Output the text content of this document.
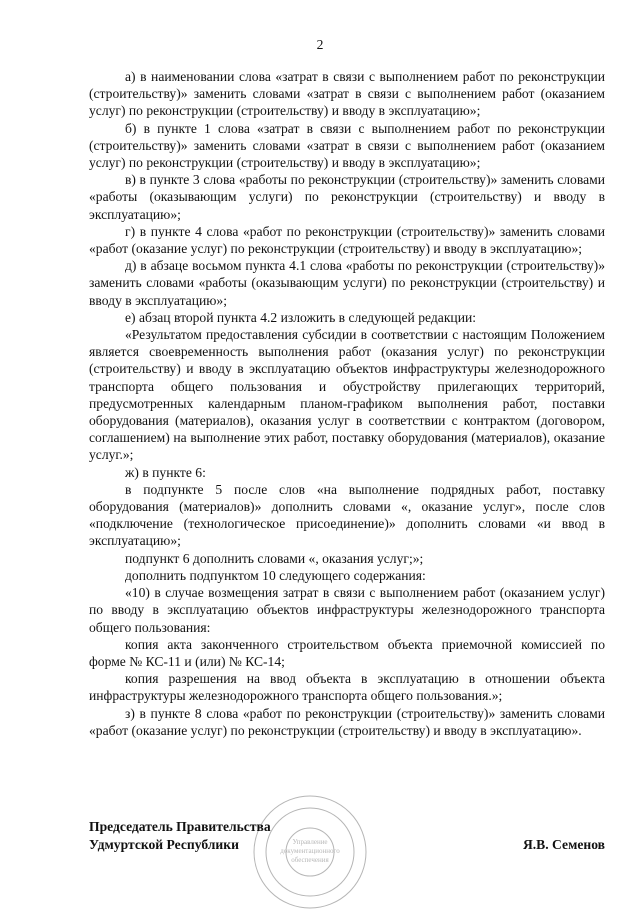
2

а) в наименовании слова «затрат в связи с выполнением работ по реконструкции (строительству)» заменить словами «затрат в связи с выполнением работ (оказанием услуг) по реконструкции (строительству) и вводу в эксплуатацию»;

б) в пункте 1 слова «затрат в связи с выполнением работ по реконструкции (строительству)» заменить словами «затрат в связи с выполнением работ (оказанием услуг) по реконструкции (строительству) и вводу в эксплуатацию»;

в) в пункте 3 слова «работы по реконструкции (строительству)» заменить словами «работы (оказывающим услуги) по реконструкции (строительству) и вводу в эксплуатацию»;

г) в пункте 4 слова «работ по реконструкции (строительству)» заменить словами «работ (оказание услуг) по реконструкции (строительству) и вводу в эксплуатацию»;

д) в абзаце восьмом пункта 4.1 слова «работы по реконструкции (строительству)» заменить словами «работы (оказывающим услуги) по реконструкции (строительству) и вводу в эксплуатацию»;

е) абзац второй пункта 4.2 изложить в следующей редакции:

«Результатом предоставления субсидии в соответствии с настоящим Положением является своевременность выполнения работ (оказания услуг) по реконструкции (строительству) и вводу в эксплуатацию объектов инфраструктуры железнодорожного транспорта общего пользования и обустройству прилегающих территорий, предусмотренных календарным планом-графиком выполнения работ, поставки оборудования (материалов), оказания услуг в соответствии с контрактом (договором, соглашением) на выполнение этих работ, поставку оборудования (материалов), оказание услуг.»;

ж) в пункте 6:

в подпункте 5 после слов «на выполнение подрядных работ, поставку оборудования (материалов)» дополнить словами «, оказание услуг», после слов «подключение (технологическое присоединение)» дополнить словами «и ввод в эксплуатацию»;

подпункт 6 дополнить словами «, оказания услуг;»;

дополнить подпунктом 10 следующего содержания:

«10) в случае возмещения затрат в связи с выполнением работ (оказанием услуг) по вводу в эксплуатацию объектов инфраструктуры железнодорожного транспорта общего пользования:

копия акта законченного строительством объекта приемочной комиссией по форме № КС-11 и (или) № КС-14;

копия разрешения на ввод объекта в эксплуатацию в отношении объекта инфраструктуры железнодорожного транспорта общего пользования.»;

з) в пункте 8 слова «работ по реконструкции (строительству)» заменить словами «работ (оказание услуг) по реконструкции (строительству) и вводу в эксплуатацию».

Управление
документационного
обеспечения
Председатель Правительства
Удмуртской Республики	Я.В. Семенов
